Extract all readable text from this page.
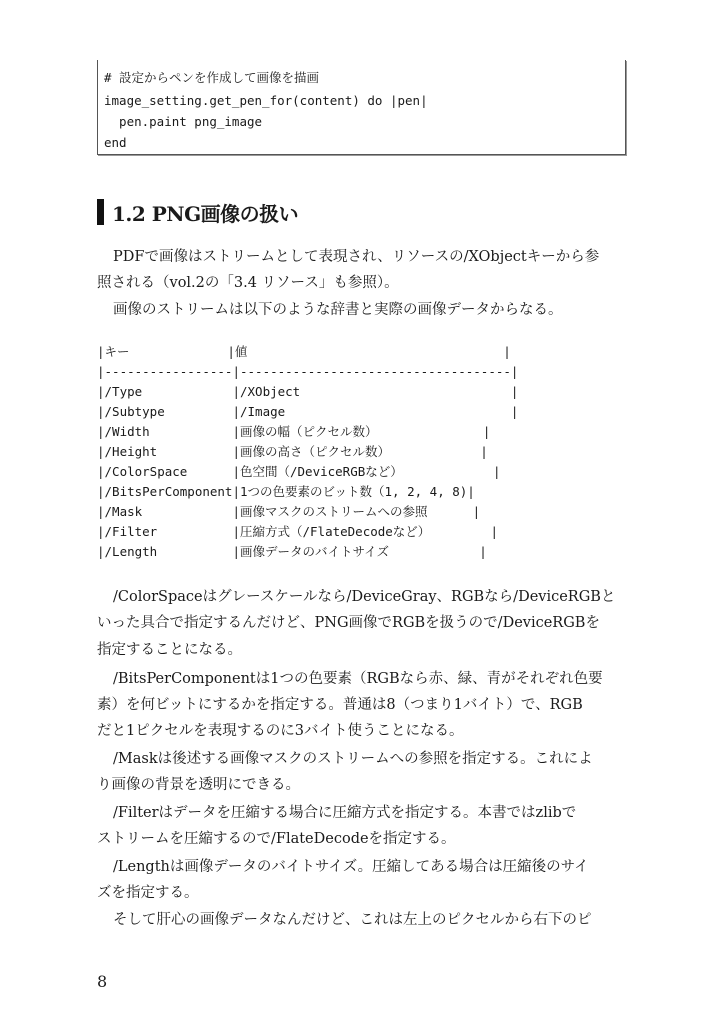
# 設定からペンを作成して画像を描画
image_setting.get_pen_for(content) do |pen|
pen.paint png_image
end
1.2 PNG画像の扱い
PDFで画像はストリームとして表現され、リソースの/XObjectキーから参
照される（vol.2の「3.4 リソース」も参照）。
画像のストリームは以下のような辞書と実際の画像データからなる。
|キー             |値                                  |
|-----------------|------------------------------------|
|/Type            |/XObject                            |
|/Subtype         |/Image                              |
|/Width           |画像の幅（ピクセル数）              |
|/Height          |画像の高さ（ピクセル数）            |
|/ColorSpace      |色空間（/DeviceRGBなど）            |
|/BitsPerComponent|1つの色要素のビット数（1, 2, 4, 8)|
|/Mask            |画像マスクのストリームへの参照      |
|/Filter          |圧縮方式（/FlateDecodeなど）        |
|/Length          |画像データのバイトサイズ            |
/ColorSpaceはグレースケールなら/DeviceGray、RGBなら/DeviceRGBと
いった具合で指定するんだけど、PNG画像でRGBを扱うので/DeviceRGBを
指定することになる。
/BitsPerComponentは1つの色要素（RGBなら赤、緑、青がそれぞれ色要
素）を何ビットにするかを指定する。普通は8（つまり1バイト）で、RGB
だと1ピクセルを表現するのに3バイト使うことになる。
/Maskは後述する画像マスクのストリームへの参照を指定する。これによ
り画像の背景を透明にできる。
/Filterはデータを圧縮する場合に圧縮方式を指定する。本書ではzlibで
ストリームを圧縮するので/FlateDecodeを指定する。
/Lengthは画像データのバイトサイズ。圧縮してある場合は圧縮後のサイ
ズを指定する。
そして肝心の画像データなんだけど、これは左上のピクセルから右下のピ
8
